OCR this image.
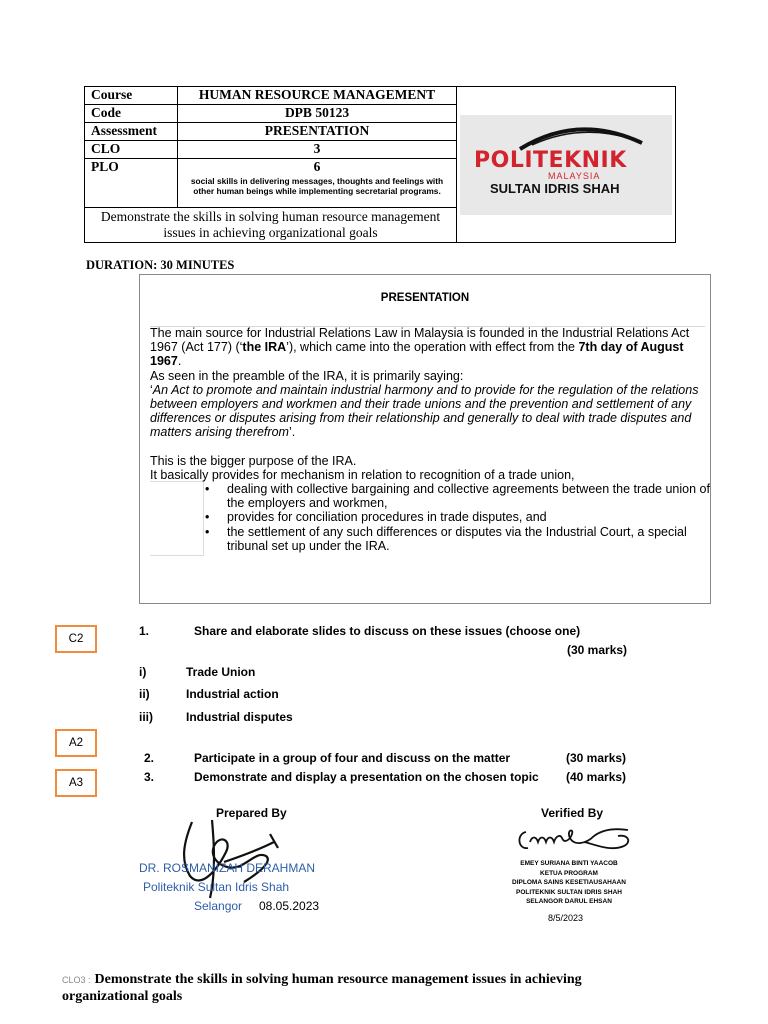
Course	HUMAN RESOURCE MANAGEMENT	POLITEKNIK
MALAYSIA
SULTAN IDRIS SHAH

Code	DPB 50123	
Assessment	PRESENTATION	
CLO	3	
PLO	6
social skills in delivering messages, thoughts and feelings with other human beings while implementing secretarial programs.	

Demonstrate the skills in solving human resource management issues in achieving organizational goals		
DURATION: 30 MINUTES
PRESENTATION

The main source for Industrial Relations Law in Malaysia is founded in the Industrial Relations Act 1967 (Act 177) (‘the IRA’), which came into the operation with effect from the 7th day of August 1967.

As seen in the preamble of the IRA, it is primarily saying:

‘An Act to promote and maintain industrial harmony and to provide for the regulation of the relations between employers and workmen and their trade unions and the prevention and settlement of any differences or disputes arising from their relationship and generally to deal with trade disputes and matters arising therefrom’.

This is the bigger purpose of the IRA.

It basically provides for mechanism in relation to recognition of a trade union,

• dealing with collective bargaining and collective agreements between the trade union of the employers and workmen,
• provides for conciliation procedures in trade disputes, and
• the settlement of any such differences or disputes via the Industrial Court, a special tribunal set up under the IRA.
C2
A2
A3
1.	Share and elaborate slides to discuss on these issues (choose one)
(30 marks)
i)	Trade Union
ii)	Industrial action
iii)	Industrial disputes
2.	Participate in a group of four and discuss on the matter	(30 marks)
3.	Demonstrate and display a presentation on the chosen topic (40 marks)
Prepared By
DR. ROSMANIZAH DERAHMAN
Politeknik Sultan Idris Shah
Selangor 08.05.2023
Verified By
EMEY SURIANA BINTI YAACOB
KETUA PROGRAM
DIPLOMA SAINS KESETIAUSAHAAN
POLITEKNIK SULTAN IDRIS SHAH
SELANGOR DARUL EHSAN
8/5/2023
CLO3 : Demonstrate the skills in solving human resource management issues in achieving organizational goals
